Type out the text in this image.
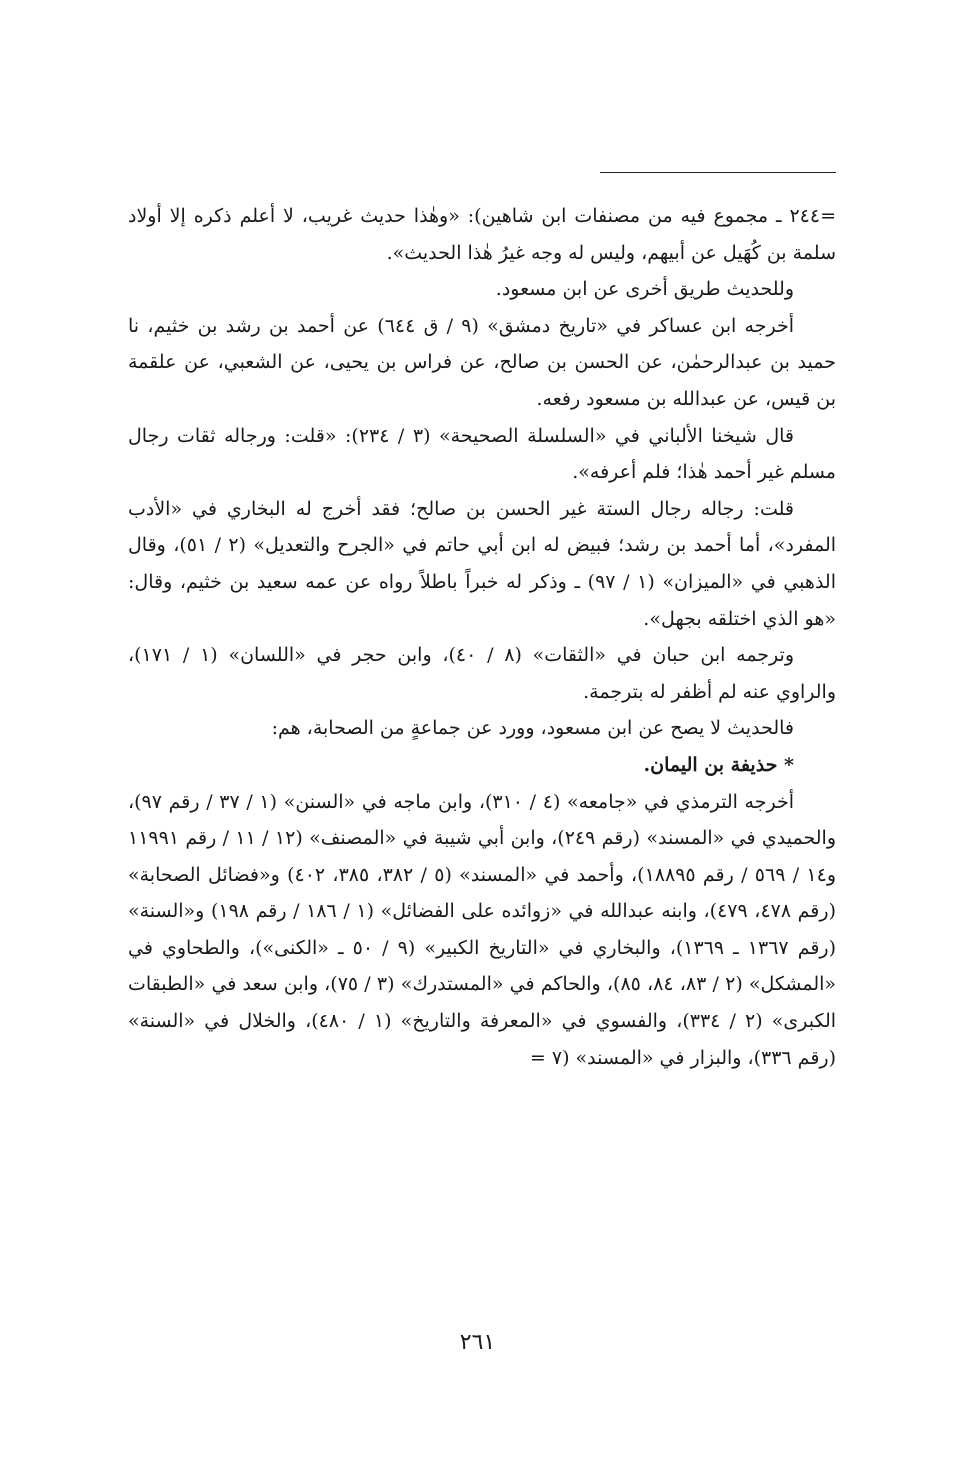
=٢٤٤ ـ مجموع فيه من مصنفات ابن شاهين): «وهٰذا حديث غريب، لا أعلم ذكره إلا أولاد سلمة بن كُهَيل عن أبيهم، وليس له وجه غيرُ هٰذا الحديث».

وللحديث طريق أخرى عن ابن مسعود.

أخرجه ابن عساكر في «تاريخ دمشق» (٩ / ق ٦٤٤) عن أحمد بن رشد بن خثيم، نا حميد بن عبدالرحمٰن، عن الحسن بن صالح، عن فراس بن يحيى، عن الشعبي، عن علقمة بن قيس، عن عبدالله بن مسعود رفعه.

قال شيخنا الألباني في «السلسلة الصحيحة» (٣ / ٢٣٤): «قلت: ورجاله ثقات رجال مسلم غير أحمد هٰذا؛ فلم أعرفه».

قلت: رجاله رجال الستة غير الحسن بن صالح؛ فقد أخرج له البخاري في «الأدب المفرد»، أما أحمد بن رشد؛ فبيض له ابن أبي حاتم في «الجرح والتعديل» (٢ / ٥١)، وقال الذهبي في «الميزان» (١ / ٩٧) ـ وذكر له خبراً باطلاً رواه عن عمه سعيد بن خثيم، وقال: «هو الذي اختلقه بجهل».

وترجمه ابن حبان في «الثقات» (٨ / ٤٠)، وابن حجر في «اللسان» (١ / ١٧١)، والراوي عنه لم أظفر له بترجمة.

فالحديث لا يصح عن ابن مسعود، وورد عن جماعةٍ من الصحابة، هم:

* حذيفة بن اليمان.

أخرجه الترمذي في «جامعه» (٤ / ٣١٠)، وابن ماجه في «السنن» (١ / ٣٧ / رقم ٩٧)، والحميدي في «المسند» (رقم ٢٤٩)، وابن أبي شيبة في «المصنف» (١٢ / ١١ / رقم ١١٩٩١ و١٤ / ٥٦٩ / رقم ١٨٨٩٥)، وأحمد في «المسند» (٥ / ٣٨٢، ٣٨٥، ٤٠٢) و«فضائل الصحابة» (رقم ٤٧٨، ٤٧٩)، وابنه عبدالله في «زوائده على الفضائل» (١ / ١٨٦ / رقم ١٩٨) و«السنة» (رقم ١٣٦٧ ـ ١٣٦٩)، والبخاري في «التاريخ الكبير» (٩ / ٥٠ ـ «الكنى»)، والطحاوي في «المشكل» (٢ / ٨٣، ٨٤، ٨٥)، والحاكم في «المستدرك» (٣ / ٧٥)، وابن سعد في «الطبقات الكبرى» (٢ / ٣٣٤)، والفسوي في «المعرفة والتاريخ» (١ / ٤٨٠)، والخلال في «السنة» (رقم ٣٣٦)، والبزار في «المسند» (٧ =

٢٦١
